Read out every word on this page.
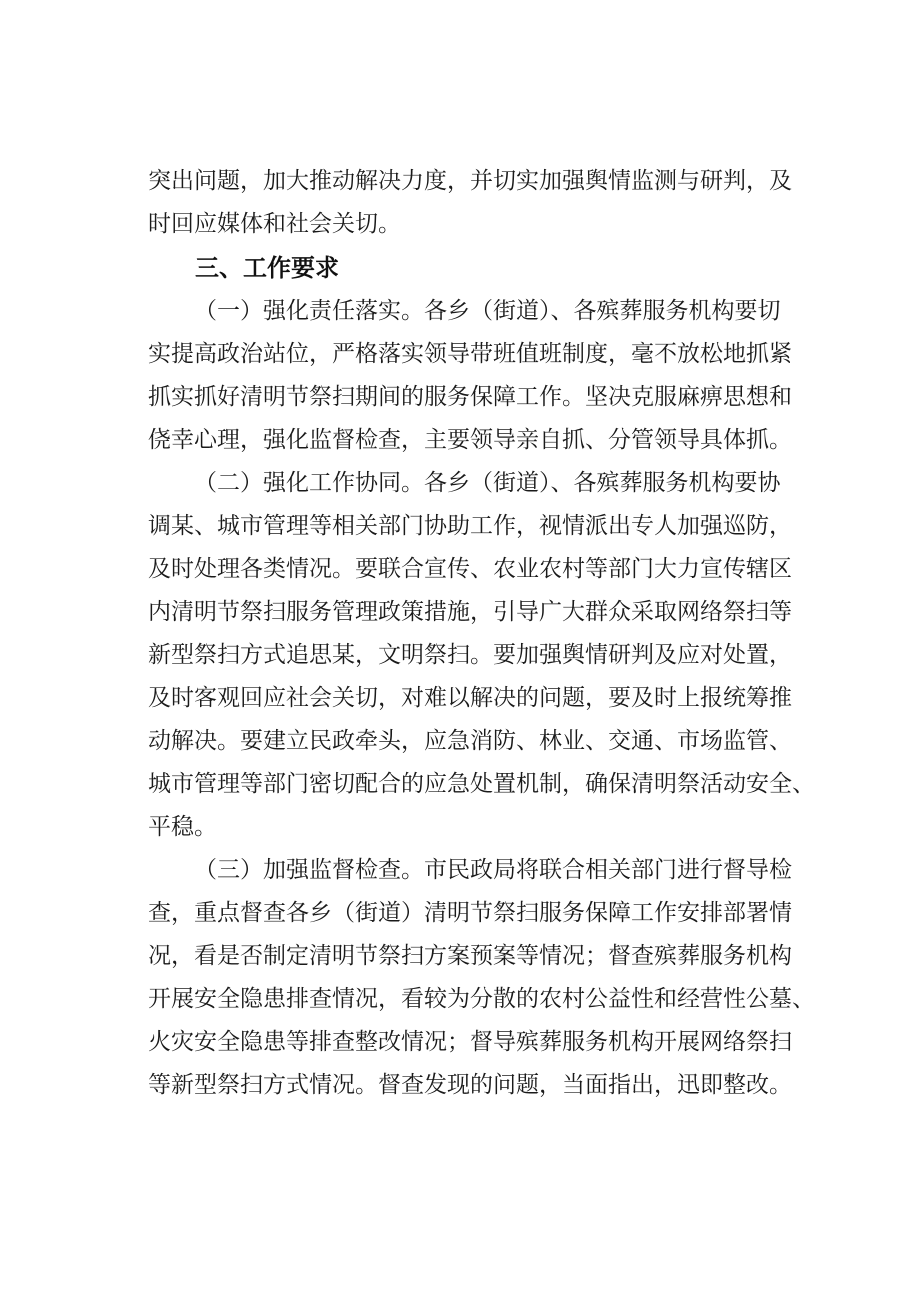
突出问题，加大推动解决力度，并切实加强舆情监测与研判，及

时回应媒体和社会关切。

三、工作要求

（一）强化责任落实。各乡（街道）、各殡葬服务机构要切

实提高政治站位，严格落实领导带班值班制度，毫不放松地抓紧

抓实抓好清明节祭扫期间的服务保障工作。坚决克服麻痹思想和

侥幸心理，强化监督检查，主要领导亲自抓、分管领导具体抓。

（二）强化工作协同。各乡（街道）、各殡葬服务机构要协

调某、城市管理等相关部门协助工作，视情派出专人加强巡防，

及时处理各类情况。要联合宣传、农业农村等部门大力宣传辖区

内清明节祭扫服务管理政策措施，引导广大群众采取网络祭扫等

新型祭扫方式追思某，文明祭扫。要加强舆情研判及应对处置，

及时客观回应社会关切，对难以解决的问题，要及时上报统筹推

动解决。要建立民政牵头，应急消防、林业、交通、市场监管、

城市管理等部门密切配合的应急处置机制，确保清明祭活动安全、

平稳。

（三）加强监督检查。市民政局将联合相关部门进行督导检

查，重点督查各乡（街道）清明节祭扫服务保障工作安排部署情

况，看是否制定清明节祭扫方案预案等情况；督查殡葬服务机构

开展安全隐患排查情况，看较为分散的农村公益性和经营性公墓、

火灾安全隐患等排查整改情况；督导殡葬服务机构开展网络祭扫

等新型祭扫方式情况。督查发现的问题，当面指出，迅即整改。
